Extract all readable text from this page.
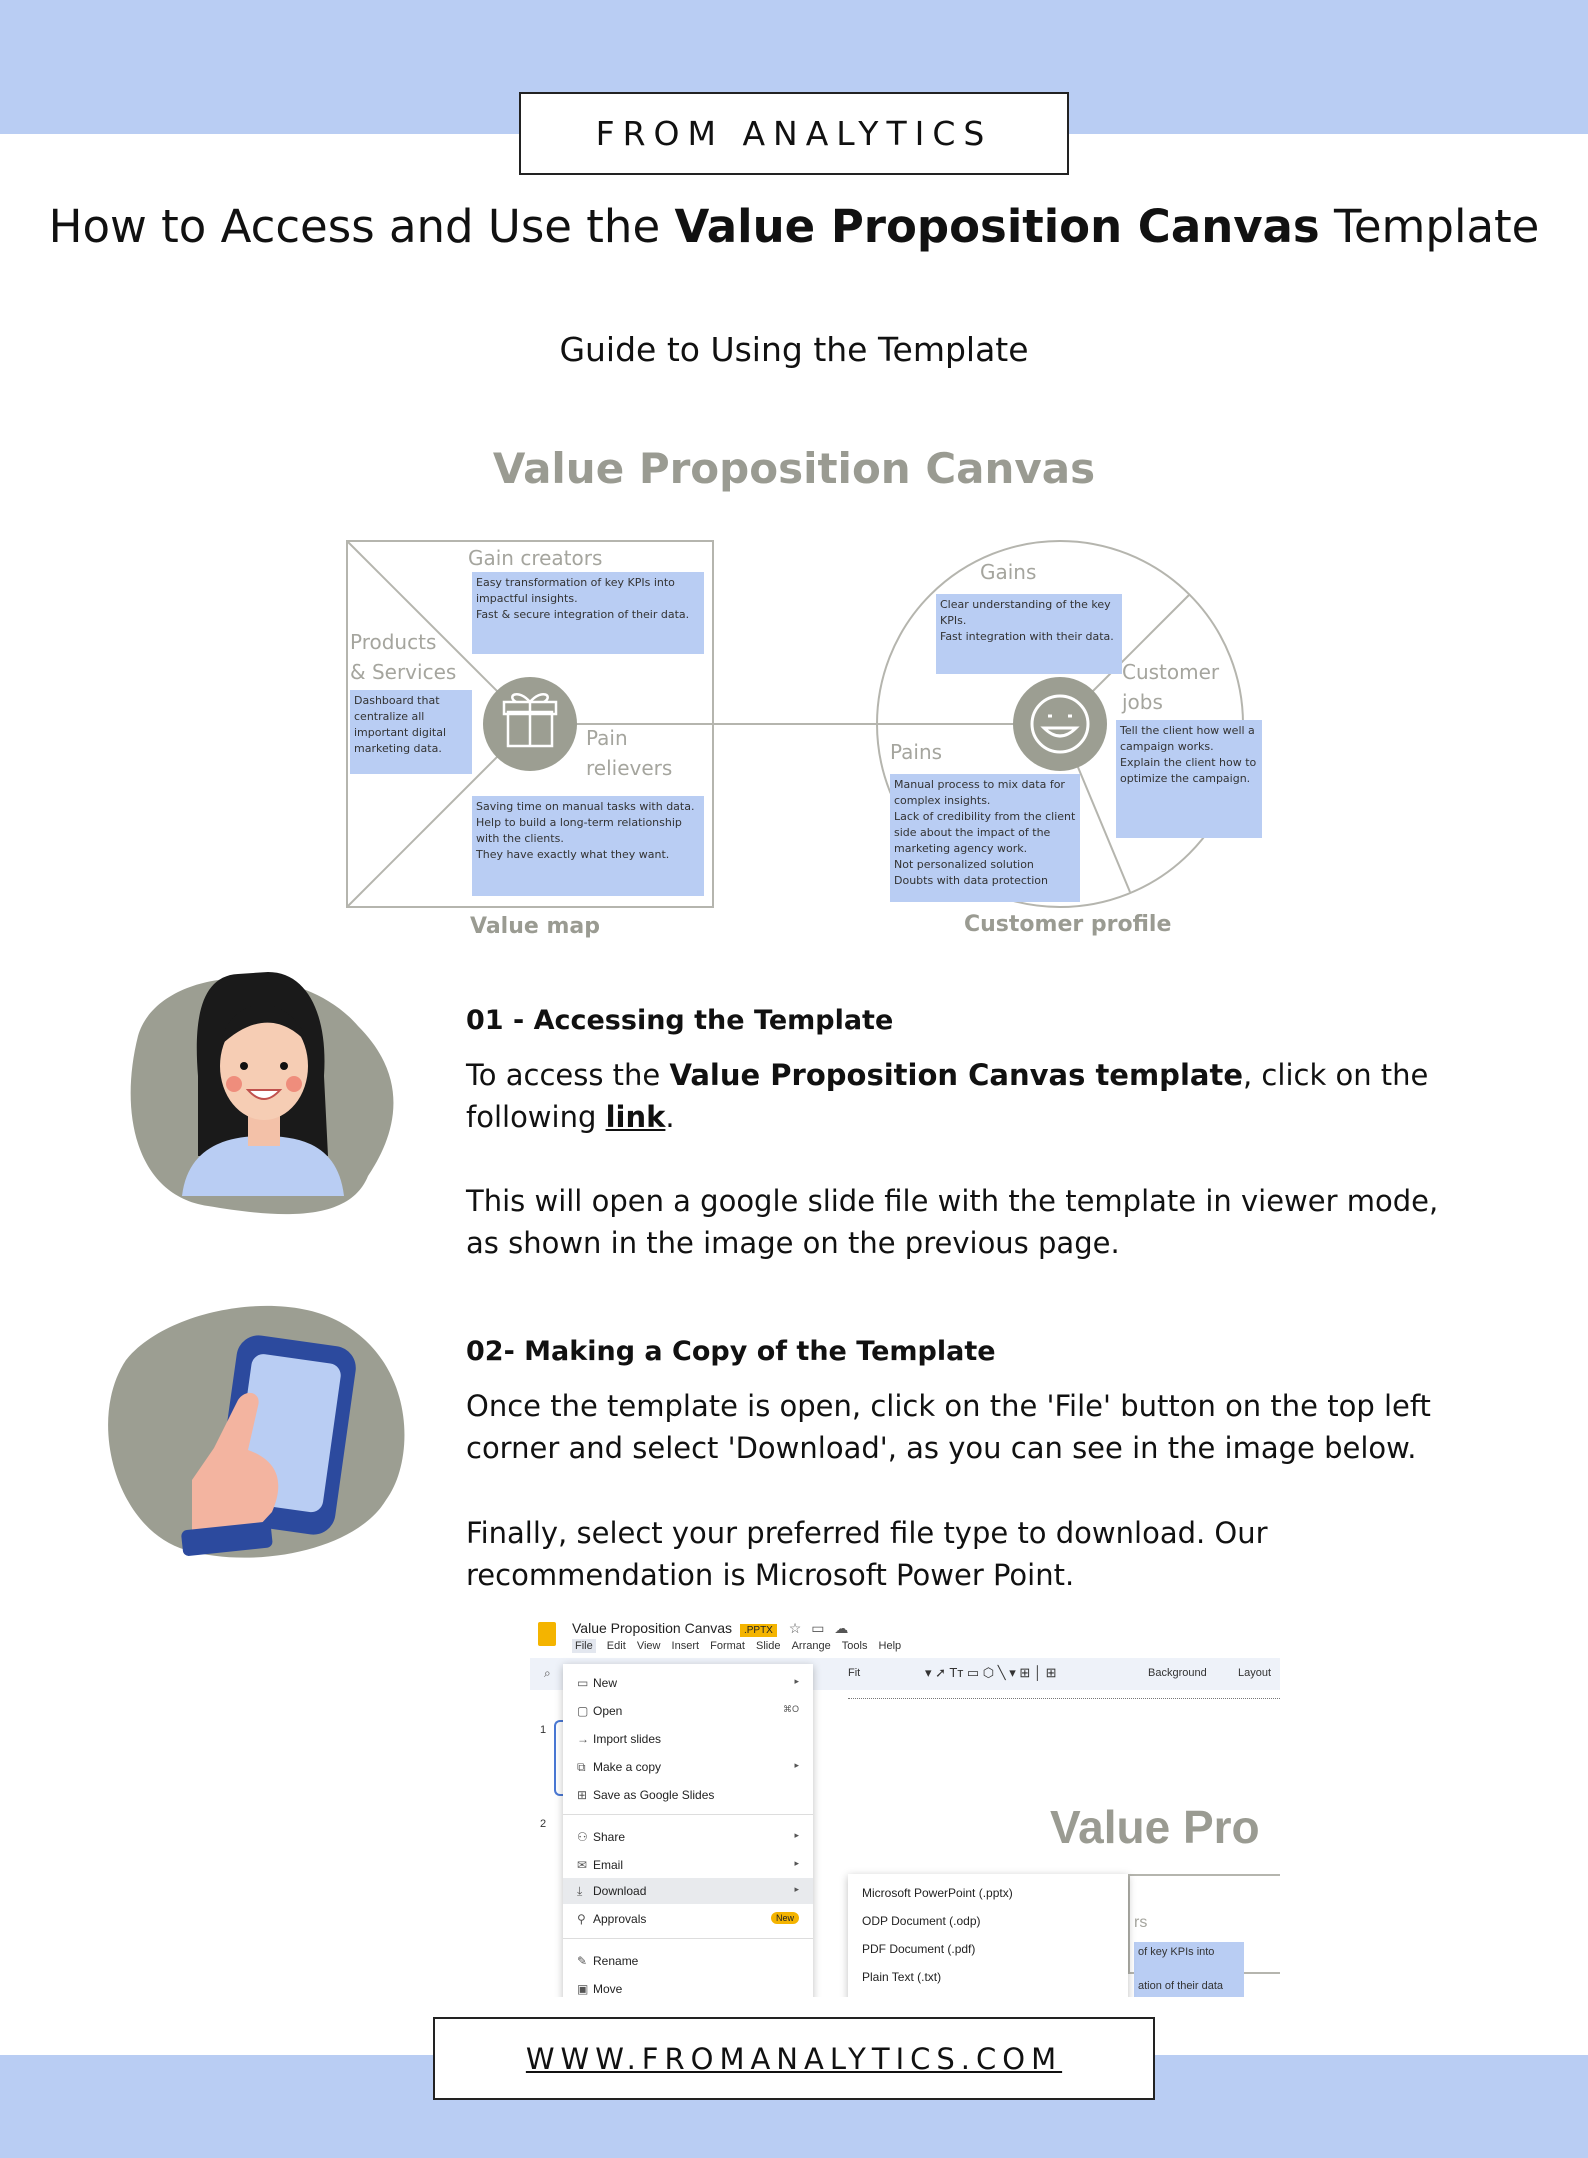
FROM ANALYTICS
How to Access and Use the Value Proposition Canvas Template
Guide to Using the Template
Value Proposition Canvas
Gain creators
Easy transformation of key KPIs into impactful insights.
Fast & secure integration of their data.
Products
& Services
Dashboard that centralize all important digital marketing data.	Pain
relievers
Saving time on manual tasks with data.
Help to build a long-term relationship with the clients.
They have exactly what they want.
Value map
Gains
Clear understanding of the key KPIs.
Fast integration with their data.
Customer
jobs
Tell the client how well a campaign works.
Explain the client how to optimize the campaign.
Pains
Manual process to mix data for complex insights.
Lack of credibility from the client side about the impact of the marketing agency work.
Not personalized solution
Doubts with data protection
Customer profile
01 - Accessing the Template
To access the Value Proposition Canvas template, click on the following link.
This will open a google slide file with the template in viewer mode, as shown in the image on the previous page.
02- Making a Copy of the Template
Once the template is open, click on the 'File' button on the top left corner and select 'Download', as you can see in the image below.
Finally, select your preferred file type to download. Our recommendation is Microsoft Power Point.
Value Proposition Canvas .PPTX ☆ ▭ ☁
File Edit View Insert Format Slide Arrange Tools Help
⌕	Fit	▾ ➚ Tт ▭ ⬡ ╲ ▾ ⊞ │ ⊞	Background	Layout
1
2	Value Pro
rs
of key KPIs into
ation of their data
▭ New	▸
▢ Open	⌘O
→ Import slides
⧉ Make a copy	▸
⊞ Save as Google Slides
⚇ Share	▸
✉ Email	▸
⤓ Download	▸
⚲ Approvals	New
✎ Rename
▣ Move
Microsoft PowerPoint (.pptx)
ODP Document (.odp)
PDF Document (.pdf)
Plain Text (.txt)
WWW.FROMANALYTICS.COM
